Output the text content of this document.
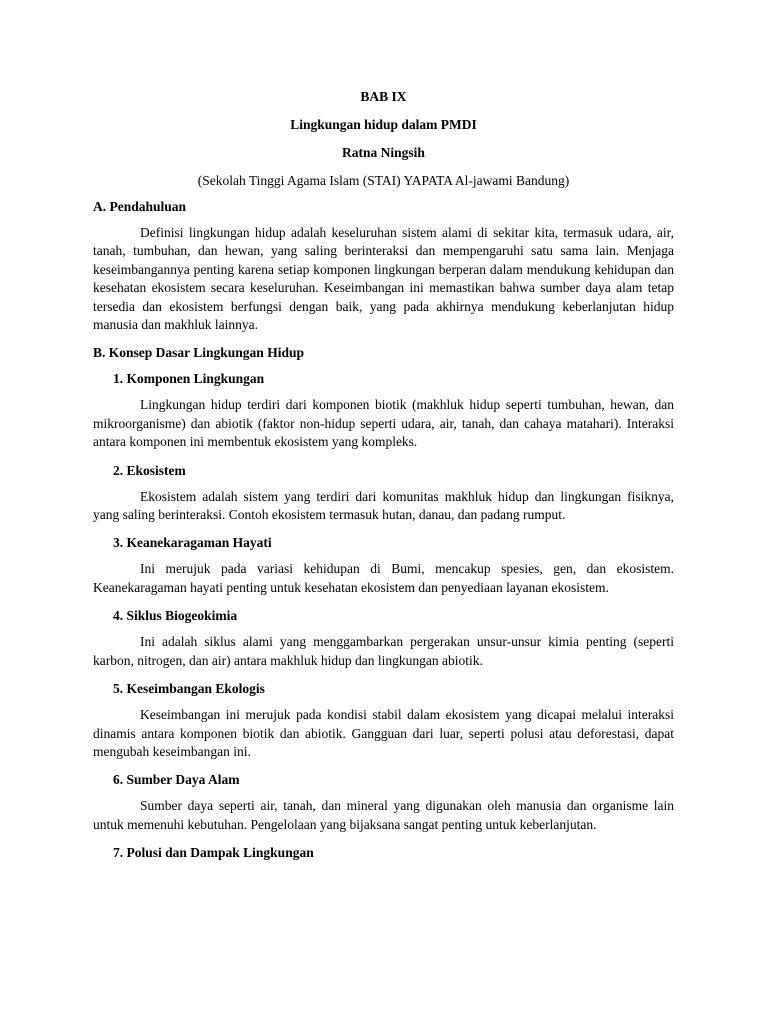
BAB IX
Lingkungan hidup dalam PMDI
Ratna Ningsih
(Sekolah Tinggi Agama Islam (STAI) YAPATA Al-jawami Bandung)
A. Pendahuluan

Definisi lingkungan hidup adalah keseluruhan sistem alami di sekitar kita, termasuk udara, air, tanah, tumbuhan, dan hewan, yang saling berinteraksi dan mempengaruhi satu sama lain. Menjaga keseimbangannya penting karena setiap komponen lingkungan berperan dalam mendukung kehidupan dan kesehatan ekosistem secara keseluruhan. Keseimbangan ini memastikan bahwa sumber daya alam tetap tersedia dan ekosistem berfungsi dengan baik, yang pada akhirnya mendukung keberlanjutan hidup manusia dan makhluk lainnya.

B. Konsep Dasar Lingkungan Hidup
1. Komponen Lingkungan

Lingkungan hidup terdiri dari komponen biotik (makhluk hidup seperti tumbuhan, hewan, dan mikroorganisme) dan abiotik (faktor non-hidup seperti udara, air, tanah, dan cahaya matahari). Interaksi antara komponen ini membentuk ekosistem yang kompleks.

2. Ekosistem

Ekosistem adalah sistem yang terdiri dari komunitas makhluk hidup dan lingkungan fisiknya, yang saling berinteraksi. Contoh ekosistem termasuk hutan, danau, dan padang rumput.

3. Keanekaragaman Hayati

Ini merujuk pada variasi kehidupan di Bumi, mencakup spesies, gen, dan ekosistem. Keanekaragaman hayati penting untuk kesehatan ekosistem dan penyediaan layanan ekosistem.

4. Siklus Biogeokimia

Ini adalah siklus alami yang menggambarkan pergerakan unsur-unsur kimia penting (seperti karbon, nitrogen, dan air) antara makhluk hidup dan lingkungan abiotik.

5. Keseimbangan Ekologis

Keseimbangan ini merujuk pada kondisi stabil dalam ekosistem yang dicapai melalui interaksi dinamis antara komponen biotik dan abiotik. Gangguan dari luar, seperti polusi atau deforestasi, dapat mengubah keseimbangan ini.

6. Sumber Daya Alam

Sumber daya seperti air, tanah, dan mineral yang digunakan oleh manusia dan organisme lain untuk memenuhi kebutuhan. Pengelolaan yang bijaksana sangat penting untuk keberlanjutan.

7. Polusi dan Dampak Lingkungan
